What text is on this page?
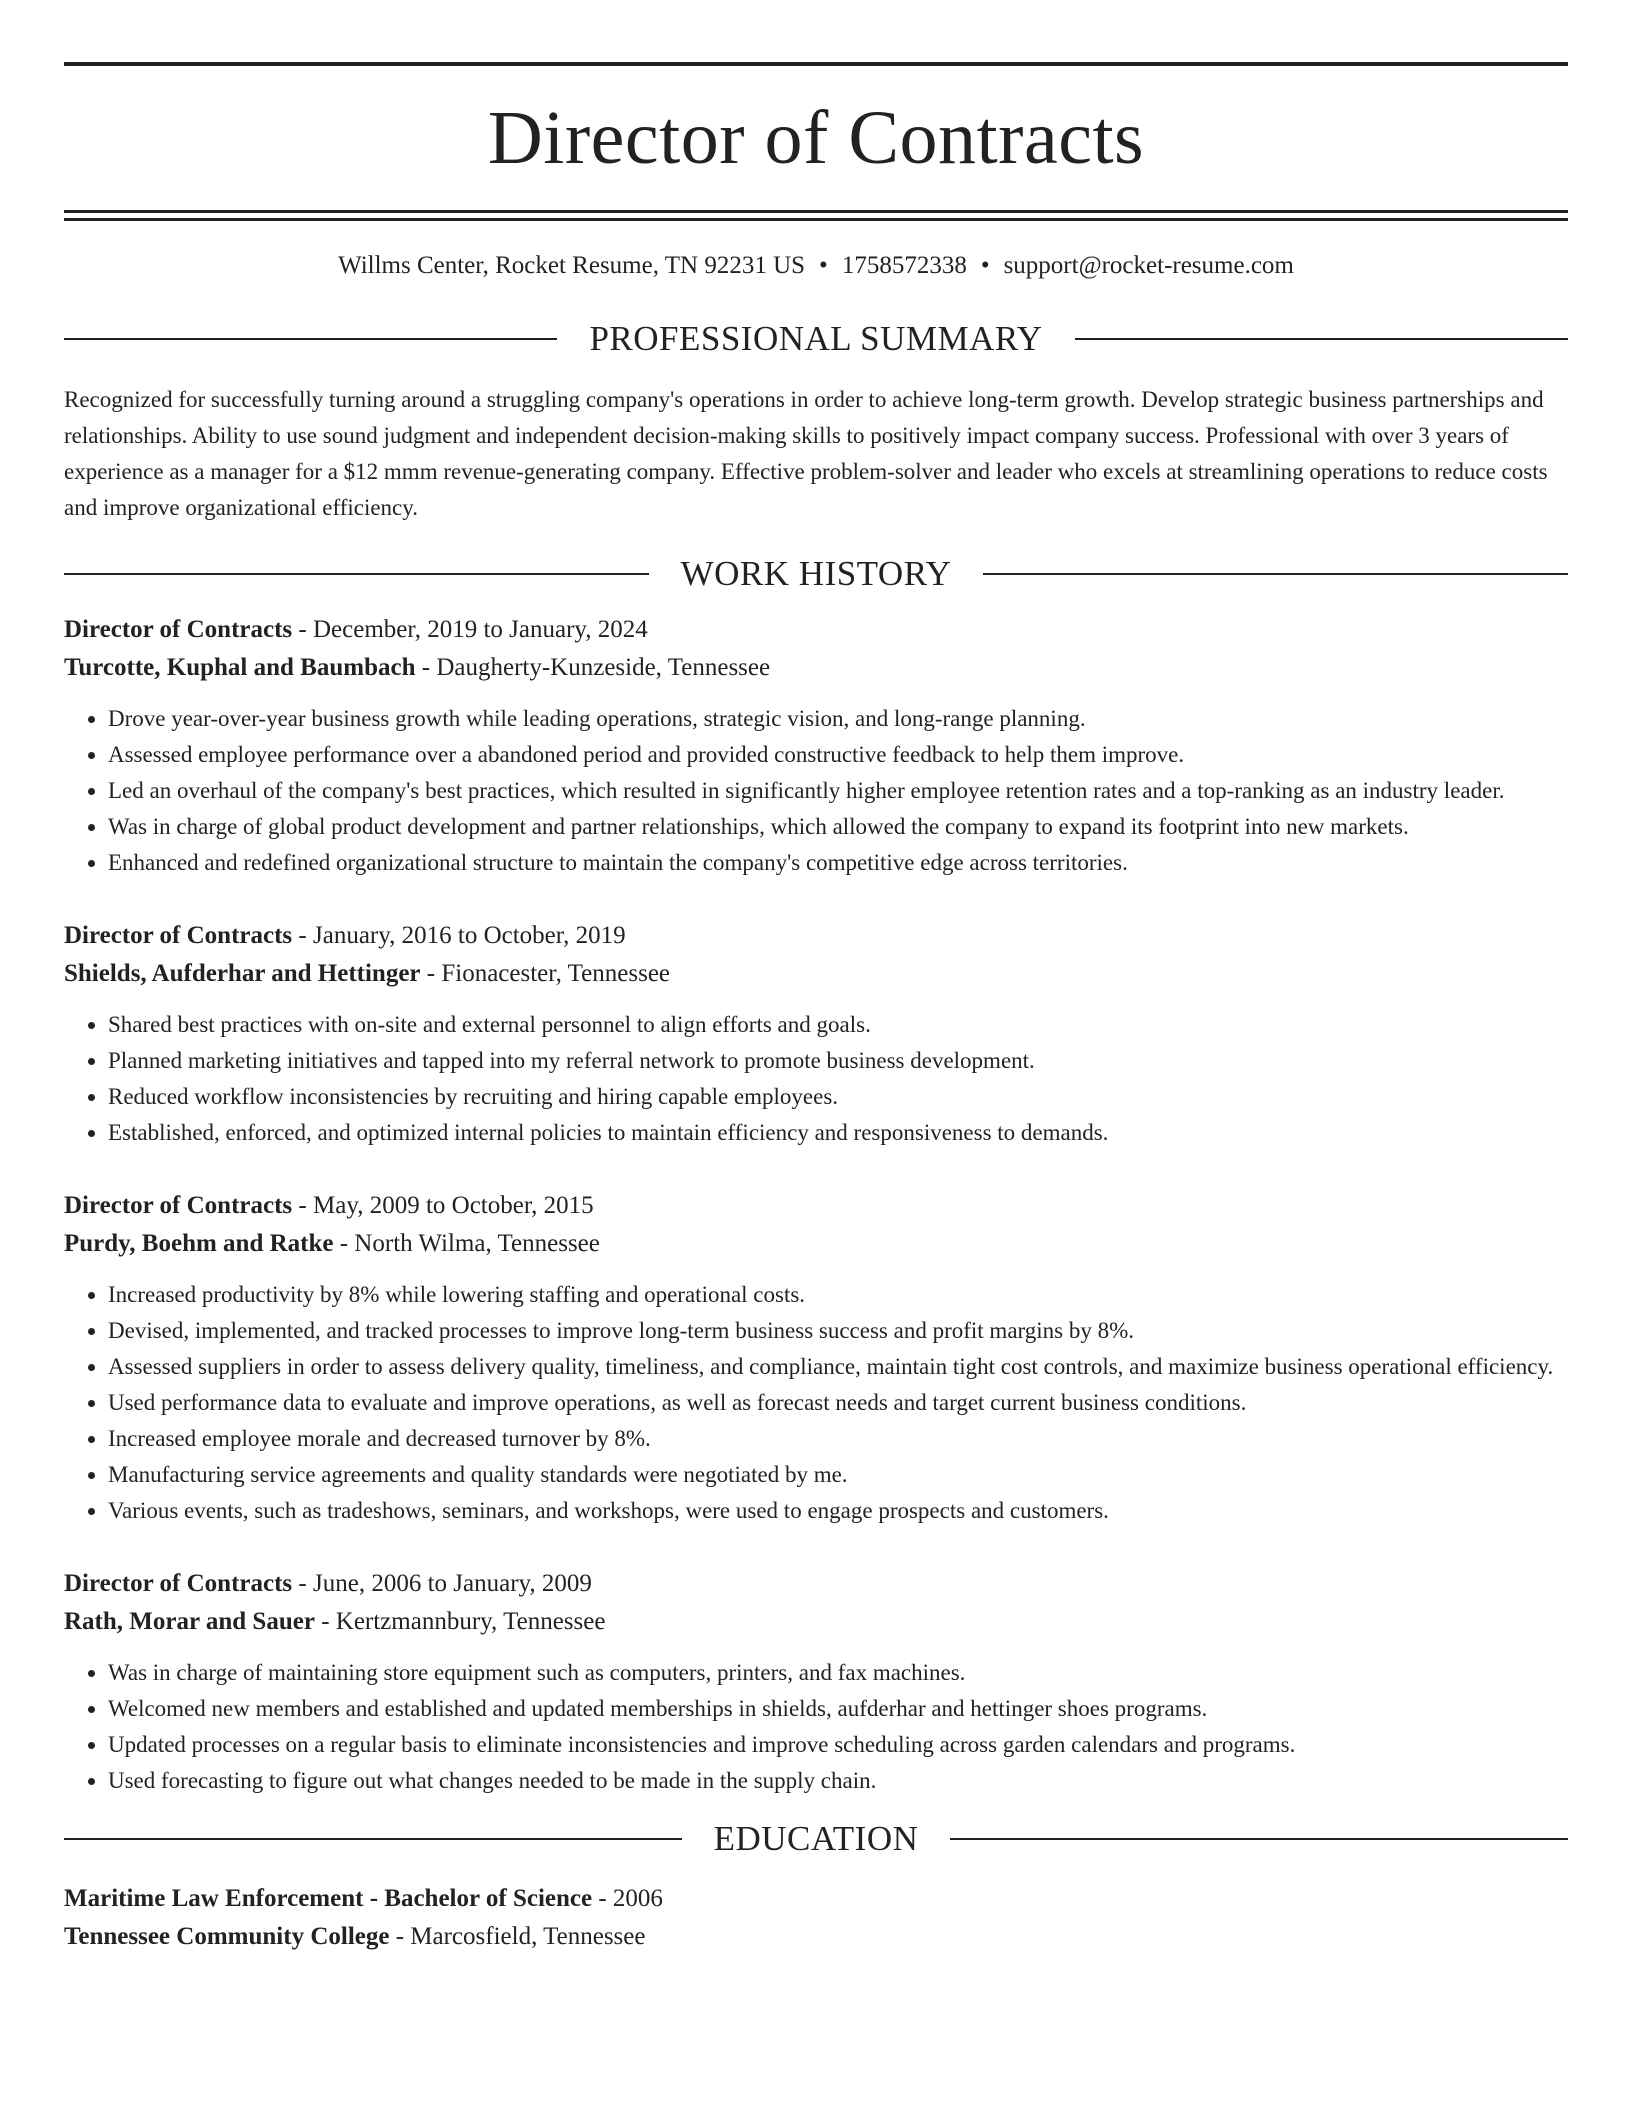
Director of Contracts
Willms Center, Rocket Resume, TN 92231 US • 1758572338 • support@rocket-resume.com
PROFESSIONAL SUMMARY

Recognized for successfully turning around a struggling company's operations in order to achieve long-term growth. Develop strategic business partnerships and relationships. Ability to use sound judgment and independent decision-making skills to positively impact company success. Professional with over 3 years of experience as a manager for a $12 mmm revenue-generating company. Effective problem-solver and leader who excels at streamlining operations to reduce costs and improve organizational efficiency.

WORK HISTORY
Director of Contracts - December, 2019 to January, 2024
Turcotte, Kuphal and Baumbach - Daugherty-Kunzeside, Tennessee
• Drove year-over-year business growth while leading operations, strategic vision, and long-range planning.
• Assessed employee performance over a abandoned period and provided constructive feedback to help them improve.
• Led an overhaul of the company's best practices, which resulted in significantly higher employee retention rates and a top-ranking as an industry leader.
• Was in charge of global product development and partner relationships, which allowed the company to expand its footprint into new markets.
• Enhanced and redefined organizational structure to maintain the company's competitive edge across territories.
Director of Contracts - January, 2016 to October, 2019
Shields, Aufderhar and Hettinger - Fionacester, Tennessee
• Shared best practices with on-site and external personnel to align efforts and goals.
• Planned marketing initiatives and tapped into my referral network to promote business development.
• Reduced workflow inconsistencies by recruiting and hiring capable employees.
• Established, enforced, and optimized internal policies to maintain efficiency and responsiveness to demands.
Director of Contracts - May, 2009 to October, 2015
Purdy, Boehm and Ratke - North Wilma, Tennessee
• Increased productivity by 8% while lowering staffing and operational costs.
• Devised, implemented, and tracked processes to improve long-term business success and profit margins by 8%.
• Assessed suppliers in order to assess delivery quality, timeliness, and compliance, maintain tight cost controls, and maximize business operational efficiency.
• Used performance data to evaluate and improve operations, as well as forecast needs and target current business conditions.
• Increased employee morale and decreased turnover by 8%.
• Manufacturing service agreements and quality standards were negotiated by me.
• Various events, such as tradeshows, seminars, and workshops, were used to engage prospects and customers.
Director of Contracts - June, 2006 to January, 2009
Rath, Morar and Sauer - Kertzmannbury, Tennessee
• Was in charge of maintaining store equipment such as computers, printers, and fax machines.
• Welcomed new members and established and updated memberships in shields, aufderhar and hettinger shoes programs.
• Updated processes on a regular basis to eliminate inconsistencies and improve scheduling across garden calendars and programs.
• Used forecasting to figure out what changes needed to be made in the supply chain.
EDUCATION
Maritime Law Enforcement - Bachelor of Science - 2006
Tennessee Community College - Marcosfield, Tennessee
